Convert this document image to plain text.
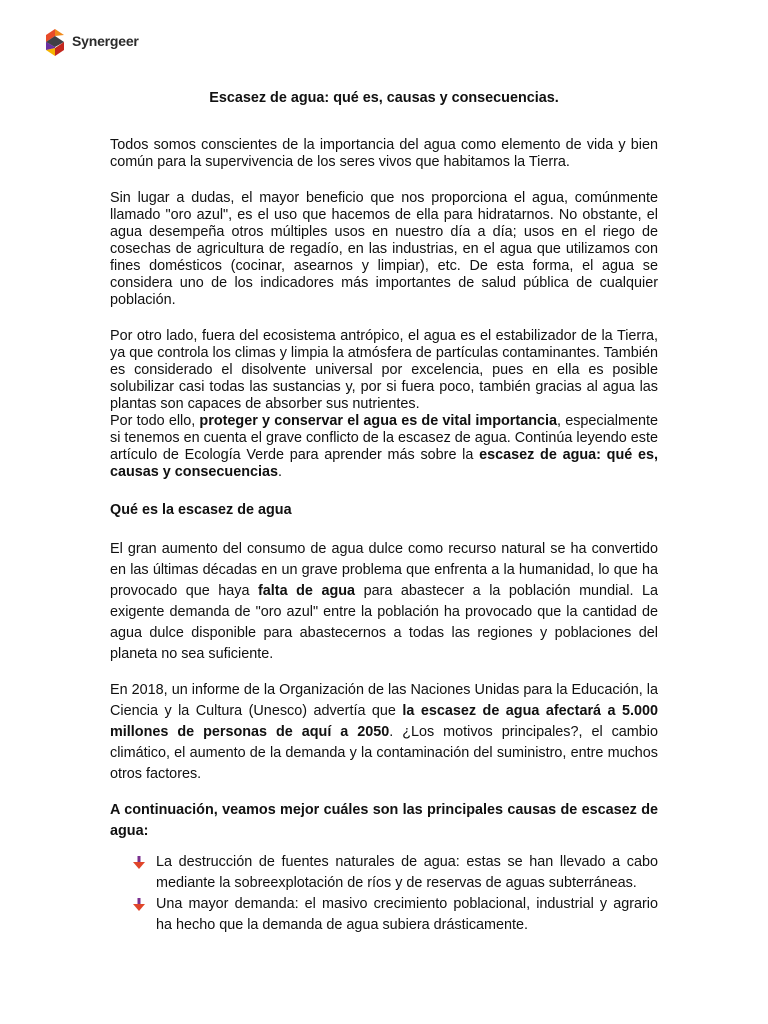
Synergeer
Escasez de agua: qué es, causas y consecuencias.

Todos somos conscientes de la importancia del agua como elemento de vida y bien común para la supervivencia de los seres vivos que habitamos la Tierra.

Sin lugar a dudas, el mayor beneficio que nos proporciona el agua, comúnmente llamado "oro azul", es el uso que hacemos de ella para hidratarnos. No obstante, el agua desempeña otros múltiples usos en nuestro día a día; usos en el riego de cosechas de agricultura de regadío, en las industrias, en el agua que utilizamos con fines domésticos (cocinar, asearnos y limpiar), etc. De esta forma, el agua se considera uno de los indicadores más importantes de salud pública de cualquier población.

Por otro lado, fuera del ecosistema antrópico, el agua es el estabilizador de la Tierra, ya que controla los climas y limpia la atmósfera de partículas contaminantes. También es considerado el disolvente universal por excelencia, pues en ella es posible solubilizar casi todas las sustancias y, por si fuera poco, también gracias al agua las plantas son capaces de absorber sus nutrientes.

Por todo ello, proteger y conservar el agua es de vital importancia, especialmente si tenemos en cuenta el grave conflicto de la escasez de agua. Continúa leyendo este artículo de Ecología Verde para aprender más sobre la escasez de agua: qué es, causas y consecuencias.

Qué es la escasez de agua

El gran aumento del consumo de agua dulce como recurso natural se ha convertido en las últimas décadas en un grave problema que enfrenta a la humanidad, lo que ha provocado que haya falta de agua para abastecer a la población mundial. La exigente demanda de "oro azul" entre la población ha provocado que la cantidad de agua dulce disponible para abastecernos a todas las regiones y poblaciones del planeta no sea suficiente.

En 2018, un informe de la Organización de las Naciones Unidas para la Educación, la Ciencia y la Cultura (Unesco) advertía que la escasez de agua afectará a 5.000 millones de personas de aquí a 2050. ¿Los motivos principales?, el cambio climático, el aumento de la demanda y la contaminación del suministro, entre muchos otros factores.

A continuación, veamos mejor cuáles son las principales causas de escasez de agua:
La destrucción de fuentes naturales de agua: estas se han llevado a cabo mediante la sobreexplotación de ríos y de reservas de aguas subterráneas.
Una mayor demanda: el masivo crecimiento poblacional, industrial y agrario ha hecho que la demanda de agua subiera drásticamente.
